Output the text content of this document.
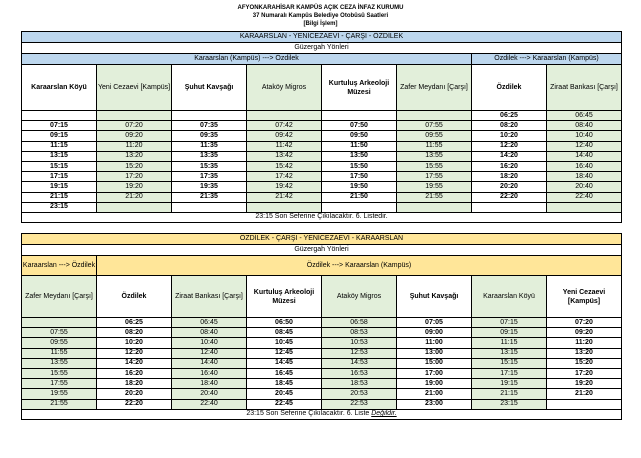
AFYONKARAHİSAR KAMPÜS AÇIK CEZA İNFAZ KURUMU
37 Numaralı Kampüs Belediye Otobüsü Saatleri
[Bilgi İşlem]
KARAARSLAN - YENİCEZAEVİ - ÇARŞI - ÖZDİLEK							
Güzergah Yönleri							
Karaarslan (Kampüs) ---> Özdilek						Özdilek ---> Karaarslan (Kampüs)	
Karaarslan Köyü	Yeni Cezaevi [Kampüs]	Şuhut Kavşağı	Ataköy Migros	Kurtuluş Arkeoloji Müzesi	Zafer Meydanı [Çarşı]	Özdilek	Ziraat Bankası [Çarşı]
						06:25	06:45
07:15	07:20	07:35	07:42	07:50	07:55	08:20	08:40
09:15	09:20	09:35	09:42	09:50	09:55	10:20	10:40
11:15	11:20	11:35	11:42	11:50	11:55	12:20	12:40
13:15	13:20	13:35	13:42	13:50	13:55	14:20	14:40
15:15	15:20	15:35	15:42	15:50	15:55	16:20	16:40
17:15	17:20	17:35	17:42	17:50	17:55	18:20	18:40
19:15	19:20	19:35	19:42	19:50	19:55	20:20	20:40
21:15	21:20	21:35	21:42	21:50	21:55	22:20	22:40
23:15							
23:15 Son Seferine Çıkılacaktır. 6. Listedir.							
ÖZDİLEK - ÇARŞI - YENİCEZAEVİ - KARAARSLAN							
Güzergah Yönleri							
Karaarslan ---> Özdilek	Özdilek ---> Karaarslan (Kampüs)						
Zafer Meydanı [Çarşı]	Özdilek	Ziraat Bankası [Çarşı]	Kurtuluş Arkeoloji Müzesi	Ataköy Migros	Şuhut Kavşağı	Karaarslan Köyü	Yeni Cezaevi [Kampüs]
	06:25	06:45	06:50	06:58	07:05	07:15	07:20
07:55	08:20	08:40	08:45	08:53	09:00	09:15	09:20
09:55	10:20	10:40	10:45	10:53	11:00	11:15	11:20
11:55	12:20	12:40	12:45	12:53	13:00	13:15	13:20
13:55	14:20	14:40	14:45	14:53	15:00	15:15	15:20
15:55	16:20	16:40	16:45	16:53	17:00	17:15	17:20
17:55	18:20	18:40	18:45	18:53	19:00	19:15	19:20
19:55	20:20	20:40	20:45	20:53	21:00	21:15	21:20
21:55	22:20	22:40	22:45	22:53	23:00	23:15	
23:15 Son Seferine Çıkılacaktır. 6. Liste Değildir.							
